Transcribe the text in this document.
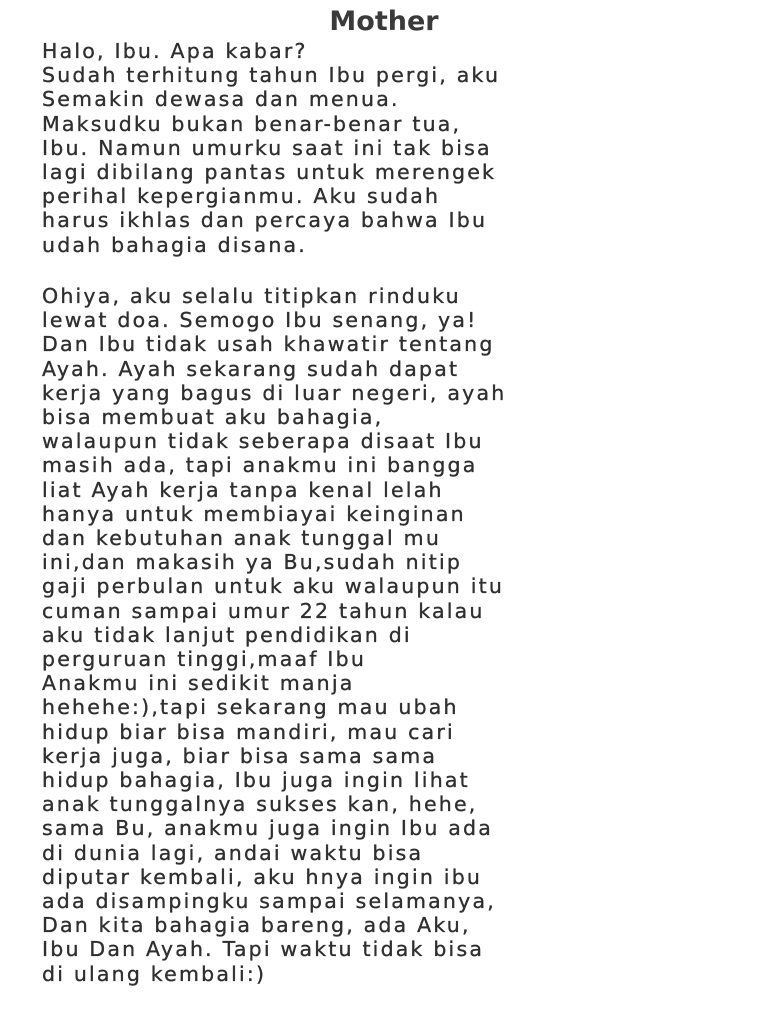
Mother

Halo, Ibu. Apa kabar?
Sudah terhitung tahun Ibu pergi, aku
Semakin dewasa dan menua.
Maksudku bukan benar-benar tua,
Ibu. Namun umurku saat ini tak bisa
lagi dibilang pantas untuk merengek
perihal kepergianmu. Aku sudah
harus ikhlas dan percaya bahwa Ibu
udah bahagia disana.

Ohiya, aku selalu titipkan rinduku
lewat doa. Semogo Ibu senang, ya!
Dan Ibu tidak usah khawatir tentang
Ayah. Ayah sekarang sudah dapat
kerja yang bagus di luar negeri, ayah
bisa membuat aku bahagia,
walaupun tidak seberapa disaat Ibu
masih ada, tapi anakmu ini bangga
liat Ayah kerja tanpa kenal lelah
hanya untuk membiayai keinginan
dan kebutuhan anak tunggal mu
ini,dan makasih ya Bu,sudah nitip
gaji perbulan untuk aku walaupun itu
cuman sampai umur 22 tahun kalau
aku tidak lanjut pendidikan di
perguruan tinggi,maaf Ibu
Anakmu ini sedikit manja
hehehe:),tapi sekarang mau ubah
hidup biar bisa mandiri, mau cari
kerja juga, biar bisa sama sama
hidup bahagia, Ibu juga ingin lihat
anak tunggalnya sukses kan, hehe,
sama Bu, anakmu juga ingin Ibu ada
di dunia lagi, andai waktu bisa
diputar kembali, aku hnya ingin ibu
ada disampingku sampai selamanya,
Dan kita bahagia bareng, ada Aku,
Ibu Dan Ayah. Tapi waktu tidak bisa
di ulang kembali:)
